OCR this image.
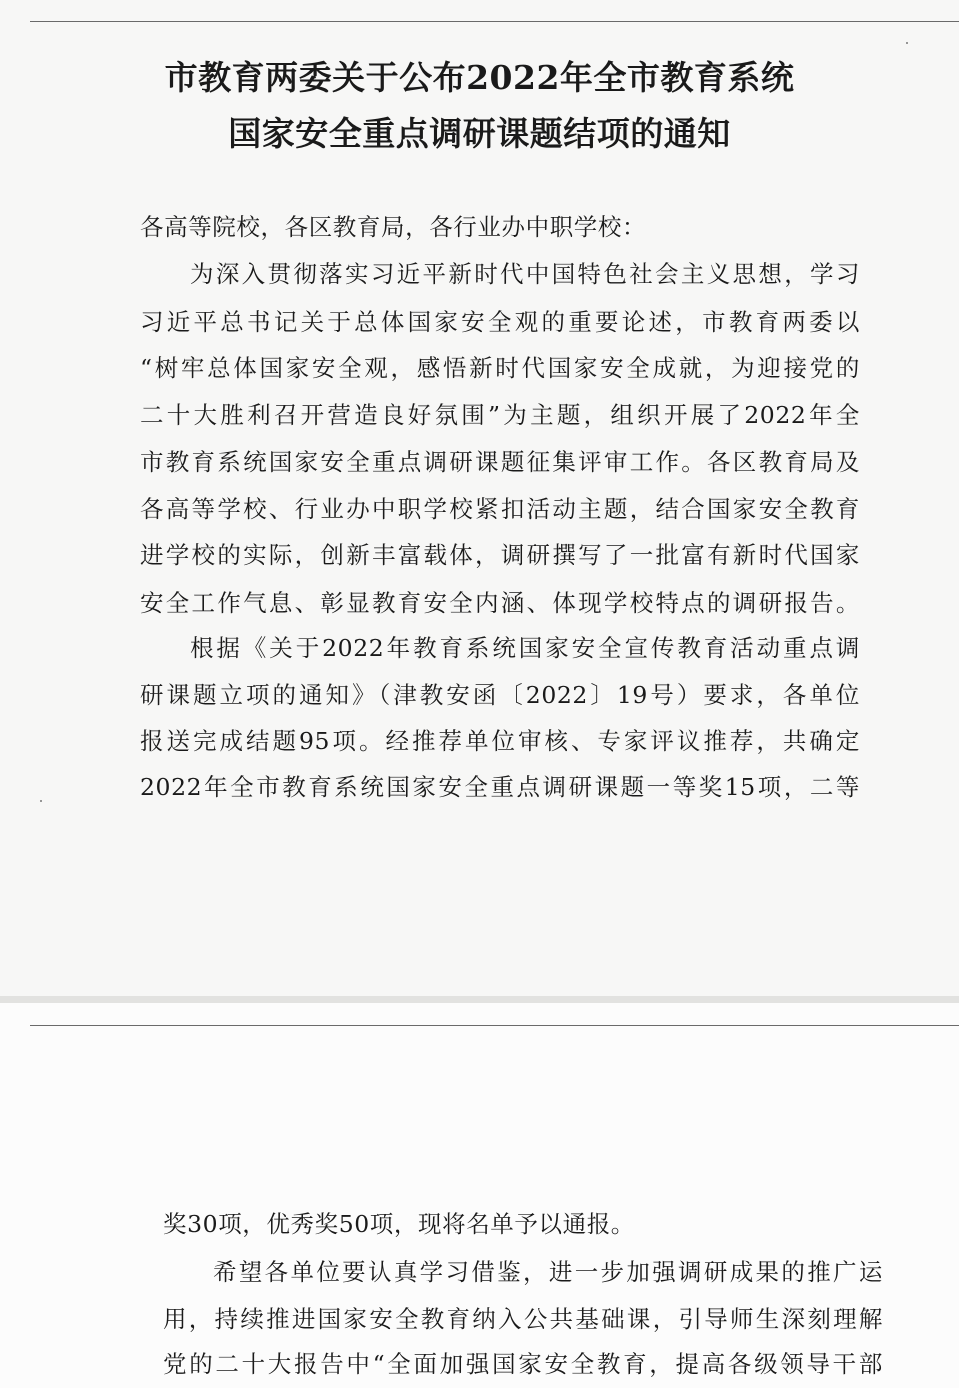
市教育两委关于公布2022年全市教育系统
国家安全重点调研课题结项的通知
各高等院校，各区教育局，各行业办中职学校：
为深入贯彻落实习近平新时代中国特色社会主义思想，学习
习近平总书记关于总体国家安全观的重要论述，市教育两委以
“树牢总体国家安全观，感悟新时代国家安全成就，为迎接党的
二十大胜利召开营造良好氛围”为主题，组织开展了2022年全
市教育系统国家安全重点调研课题征集评审工作。各区教育局及
各高等学校、行业办中职学校紧扣活动主题，结合国家安全教育
进学校的实际，创新丰富载体，调研撰写了一批富有新时代国家
安全工作气息、彰显教育安全内涵、体现学校特点的调研报告。
根据《关于2022年教育系统国家安全宣传教育活动重点调
研课题立项的通知》（津教安函〔2022〕19号）要求，各单位
报送完成结题95项。经推荐单位审核、专家评议推荐，共确定
2022年全市教育系统国家安全重点调研课题一等奖15项，二等
奖30项，优秀奖50项，现将名单予以通报。
希望各单位要认真学习借鉴，进一步加强调研成果的推广运
用，持续推进国家安全教育纳入公共基础课，引导师生深刻理解
党的二十大报告中“全面加强国家安全教育，提高各级领导干部
